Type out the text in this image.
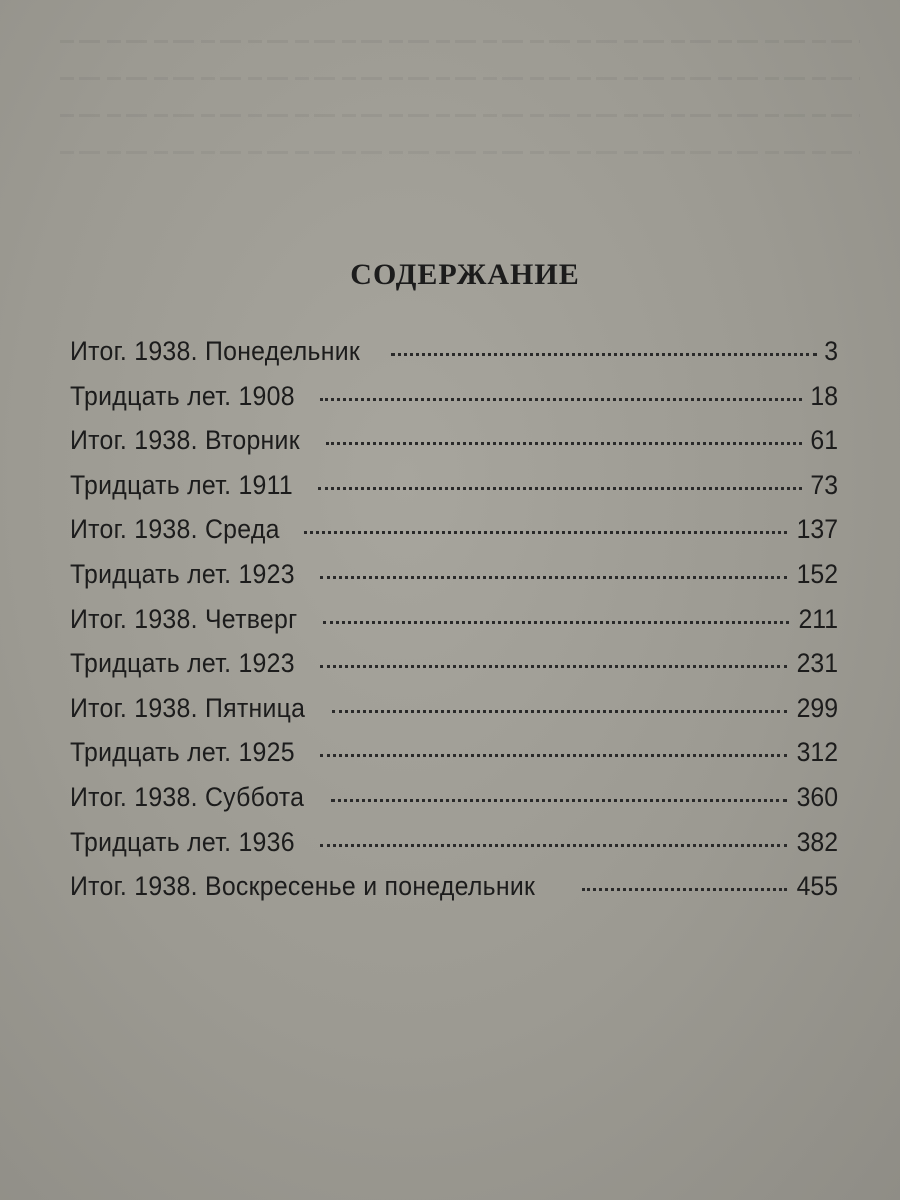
СОДЕРЖАНИЕ
Итог. 1938. Понедельник	3
Тридцать лет. 1908	18
Итог. 1938. Вторник	61
Тридцать лет. 1911	73
Итог. 1938. Среда	137
Тридцать лет. 1923	152
Итог. 1938. Четверг	211
Тридцать лет. 1923	231
Итог. 1938. Пятница	299
Тридцать лет. 1925	312
Итог. 1938. Суббота	360
Тридцать лет. 1936	382
Итог. 1938. Воскресенье и понедельник	455
